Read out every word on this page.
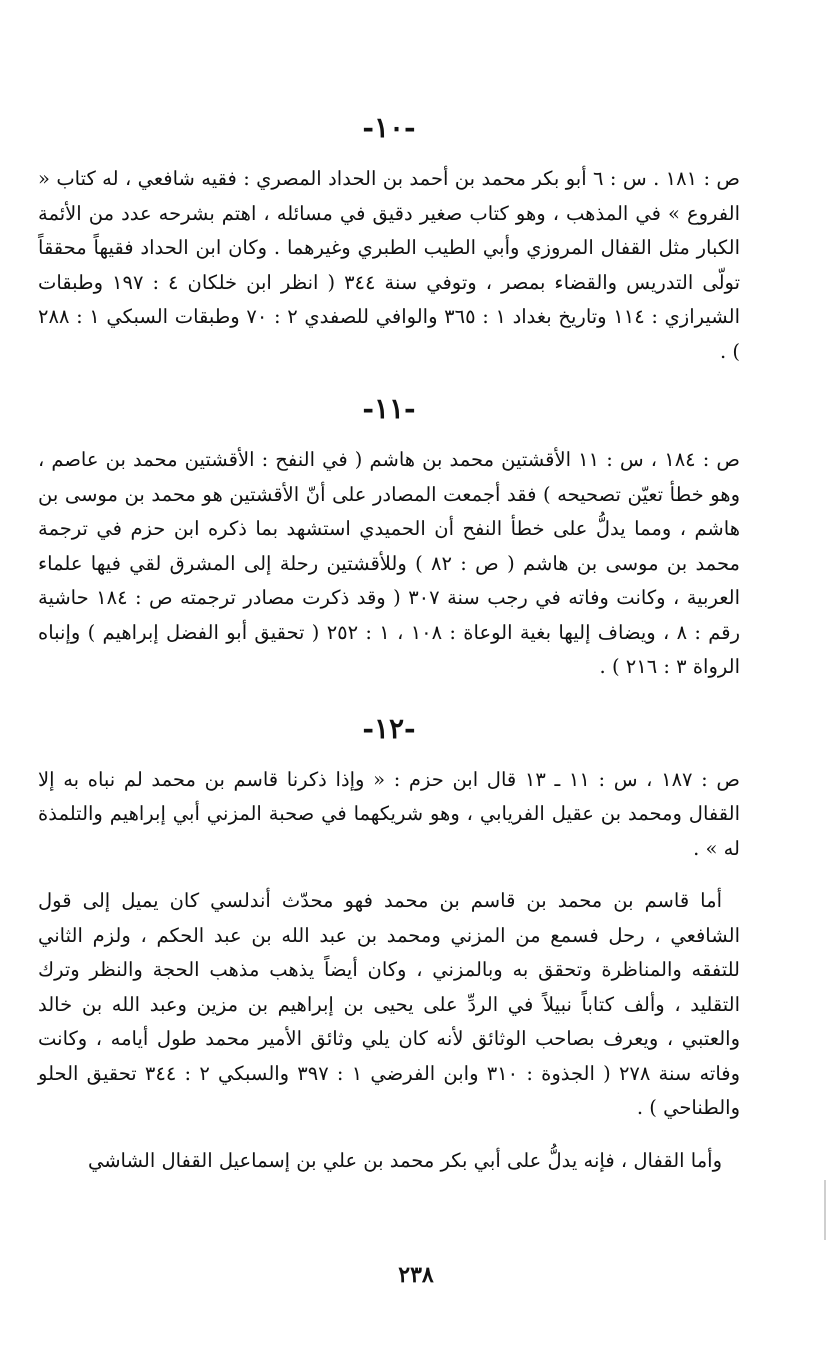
-١٠-

ص : ١٨١ . س : ٦ أبو بكر محمد بن أحمد بن الحداد المصري : فقيه شافعي ، له كتاب « الفروع » في المذهب ، وهو كتاب صغير دقيق في مسائله ، اهتم بشرحه عدد من الأئمة الكبار مثل القفال المروزي وأبي الطيب الطبري وغيرهما . وكان ابن الحداد فقيهاً محققاً تولّى التدريس والقضاء بمصر ، وتوفي سنة ٣٤٤ ( انظر ابن خلكان ٤ : ١٩٧ وطبقات الشيرازي : ١١٤ وتاريخ بغداد ١ : ٣٦٥ والوافي للصفدي ٢ : ٧٠ وطبقات السبكي ١ : ٢٨٨ ) .

-١١-

ص : ١٨٤ ، س : ١١ الأقشتين محمد بن هاشم ( في النفح : الأقشتين محمد بن عاصم ، وهو خطأ تعيّن تصحيحه ) فقد أجمعت المصادر على أنّ الأقشتين هو محمد بن موسى بن هاشم ، ومما يدلُّ على خطأ النفح أن الحميدي استشهد بما ذكره ابن حزم في ترجمة محمد بن موسى بن هاشم ( ص : ٨٢ ) وللأقشتين رحلة إلى المشرق لقي فيها علماء العربية ، وكانت وفاته في رجب سنة ٣٠٧ ( وقد ذكرت مصادر ترجمته ص : ١٨٤ حاشية رقم : ٨ ، ويضاف إليها بغية الوعاة : ١٠٨ ، ١ : ٢٥٢ ( تحقيق أبو الفضل إبراهيم ) وإنباه الرواة ٣ : ٢١٦ ) .

-١٢-

ص : ١٨٧ ، س : ١١ ـ ١٣ قال ابن حزم : « وإذا ذكرنا قاسم بن محمد لم نباه به إلا القفال ومحمد بن عقيل الفريابي ، وهو شريكهما في صحبة المزني أبي إبراهيم والتلمذة له » .

أما قاسم بن محمد بن قاسم بن محمد فهو محدّث أندلسي كان يميل إلى قول الشافعي ، رحل فسمع من المزني ومحمد بن عبد الله بن عبد الحكم ، ولزم الثاني للتفقه والمناظرة وتحقق به وبالمزني ، وكان أيضاً يذهب مذهب الحجة والنظر وترك التقليد ، وألف كتاباً نبيلاً في الردِّ على يحيى بن إبراهيم بن مزين وعبد الله بن خالد والعتبي ، ويعرف بصاحب الوثائق لأنه كان يلي وثائق الأمير محمد طول أيامه ، وكانت وفاته سنة ٢٧٨ ( الجذوة : ٣١٠ وابن الفرضي ١ : ٣٩٧ والسبكي ٢ : ٣٤٤ تحقيق الحلو والطناحي ) .

وأما القفال ، فإنه يدلُّ على أبي بكر محمد بن علي بن إسماعيل القفال الشاشي

٢٣٨
